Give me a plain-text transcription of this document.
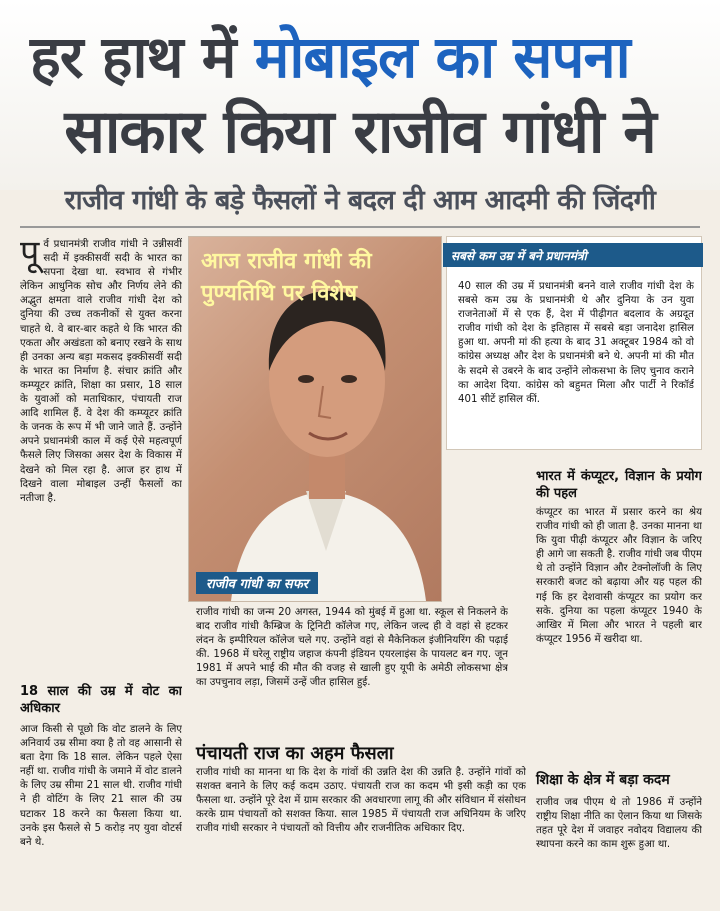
हर हाथ में मोबाइल का सपना
साकार किया राजीव गांधी ने
राजीव गांधी के बड़े फैसलों ने बदल दी आम आदमी की जिंदगी
पू र्व प्रधानमंत्री राजीव गांधी ने उन्नीसवीं सदी में इक्कीसवीं सदी के भारत का सपना देखा था. स्वभाव से गंभीर लेकिन आधुनिक सोच और निर्णय लेने की अद्भुत क्षमता वाले राजीव गांधी देश को दुनिया की उच्च तकनीकों से युक्त करना चाहते थे. वे बार-बार कहते थे कि भारत की एकता और अखंडता को बनाए रखने के साथ ही उनका अन्य बड़ा मकसद इक्कीसवीं सदी के भारत का निर्माण है. संचार क्रांति और कम्प्यूटर क्रांति, शिक्षा का प्रसार, 18 साल के युवाओं को मताधिकार, पंचायती राज आदि शामिल हैं. वे देश की कम्प्यूटर क्रांति के जनक के रूप में भी जाने जाते हैं. उन्होंने अपने प्रधानमंत्री काल में कई ऐसे महत्वपूर्ण फैसले लिए जिसका असर देश के विकास में देखने को मिल रहा है. आज हर हाथ में दिखने वाला मोबाइल उन्हीं फैसलों का नतीजा है.
18 साल की उम्र में वोट का अधिकार
आज किसी से पूछो कि वोट डालने के लिए अनिवार्य उम्र सीमा क्या है तो वह आसानी से बता देगा कि 18 साल. लेकिन पहले ऐसा नहीं था. राजीव गांधी के जमाने में वोट डालने के लिए उम्र सीमा 21 साल थी. राजीव गांधी ने ही वोटिंग के लिए 21 साल की उम्र घटाकर 18 करने का फैसला किया था. उनके इस फैसले से 5 करोड़ नए युवा वोटर्स बने थे.
आज राजीव गांधी की पुण्यतिथि पर विशेष
राजीव गांधी का सफर
राजीव गांधी का जन्म 20 अगस्त, 1944 को मुंबई में हुआ था. स्कूल से निकलने के बाद राजीव गांधी कैम्ब्रिज के ट्रिनिटी कॉलेज गए, लेकिन जल्द ही वे वहां से हटकर लंदन के इम्पीरियल कॉलेज चले गए. उन्होंने वहां से मैकेनिकल इंजीनियरिंग की पढ़ाई की. 1968 में घरेलू राष्ट्रीय जहाज कंपनी इंडियन एयरलाइंस के पायलट बन गए. जून 1981 में अपने भाई की मौत की वजह से खाली हुए यूपी के अमेठी लोकसभा क्षेत्र का उपचुनाव लड़ा, जिसमें उन्हें जीत हासिल हुई.
पंचायती राज का अहम फैसला
राजीव गांधी का मानना था कि देश के गांवों की उन्नति देश की उन्नति है. उन्होंने गांवों को सशक्त बनाने के लिए कई कदम उठाए. पंचायती राज का कदम भी इसी कड़ी का एक फैसला था. उन्होंने पूरे देश में ग्राम सरकार की अवधारणा लागू की और संविधान में संसोधन करके ग्राम पंचायतों को सशक्त किया. साल 1985 में पंचायती राज अधिनियम के जरिए राजीव गांधी सरकार ने पंचायतों को वित्तीय और राजनीतिक अधिकार दिए.
सबसे कम उम्र में बने प्रधानमंत्री
40 साल की उम्र में प्रधानमंत्री बनने वाले राजीव गांधी देश के सबसे कम उम्र के प्रधानमंत्री थे और दुनिया के उन युवा राजनेताओं में से एक हैं, देश में पीढ़ीगत बदलाव के अग्रदूत राजीव गांधी को देश के इतिहास में सबसे बड़ा जनादेश हासिल हुआ था. अपनी मां की हत्या के बाद 31 अक्टूबर 1984 को वो कांग्रेस अध्यक्ष और देश के प्रधानमंत्री बने थे. अपनी मां की मौत के सदमे से उबरने के बाद उन्होंने लोकसभा के लिए चुनाव कराने का आदेश दिया. कांग्रेस को बहुमत मिला और पार्टी ने रिकॉर्ड 401 सीटें हासिल कीं.
भारत में कंप्यूटर, विज्ञान के प्रयोग की पहल
कंप्यूटर का भारत में प्रसार करने का श्रेय राजीव गांधी को ही जाता है. उनका मानना था कि युवा पीढ़ी कंप्यूटर और विज्ञान के जरिए ही आगे जा सकती है. राजीव गांधी जब पीएम थे तो उन्होंने विज्ञान और टेक्नोलॉजी के लिए सरकारी बजट को बढ़ाया और यह पहल की गई कि हर देशवासी कंप्यूटर का प्रयोग कर सके. दुनिया का पहला कंप्यूटर 1940 के आखिर में मिला और भारत ने पहली बार कंप्यूटर 1956 में खरीदा था.
शिक्षा के क्षेत्र में बड़ा कदम
राजीव जब पीएम थे तो 1986 में उन्होंने राष्ट्रीय शिक्षा नीति का ऐलान किया था जिसके तहत पूरे देश में जवाहर नवोदय विद्यालय की स्थापना करने का काम शुरू हुआ था.
